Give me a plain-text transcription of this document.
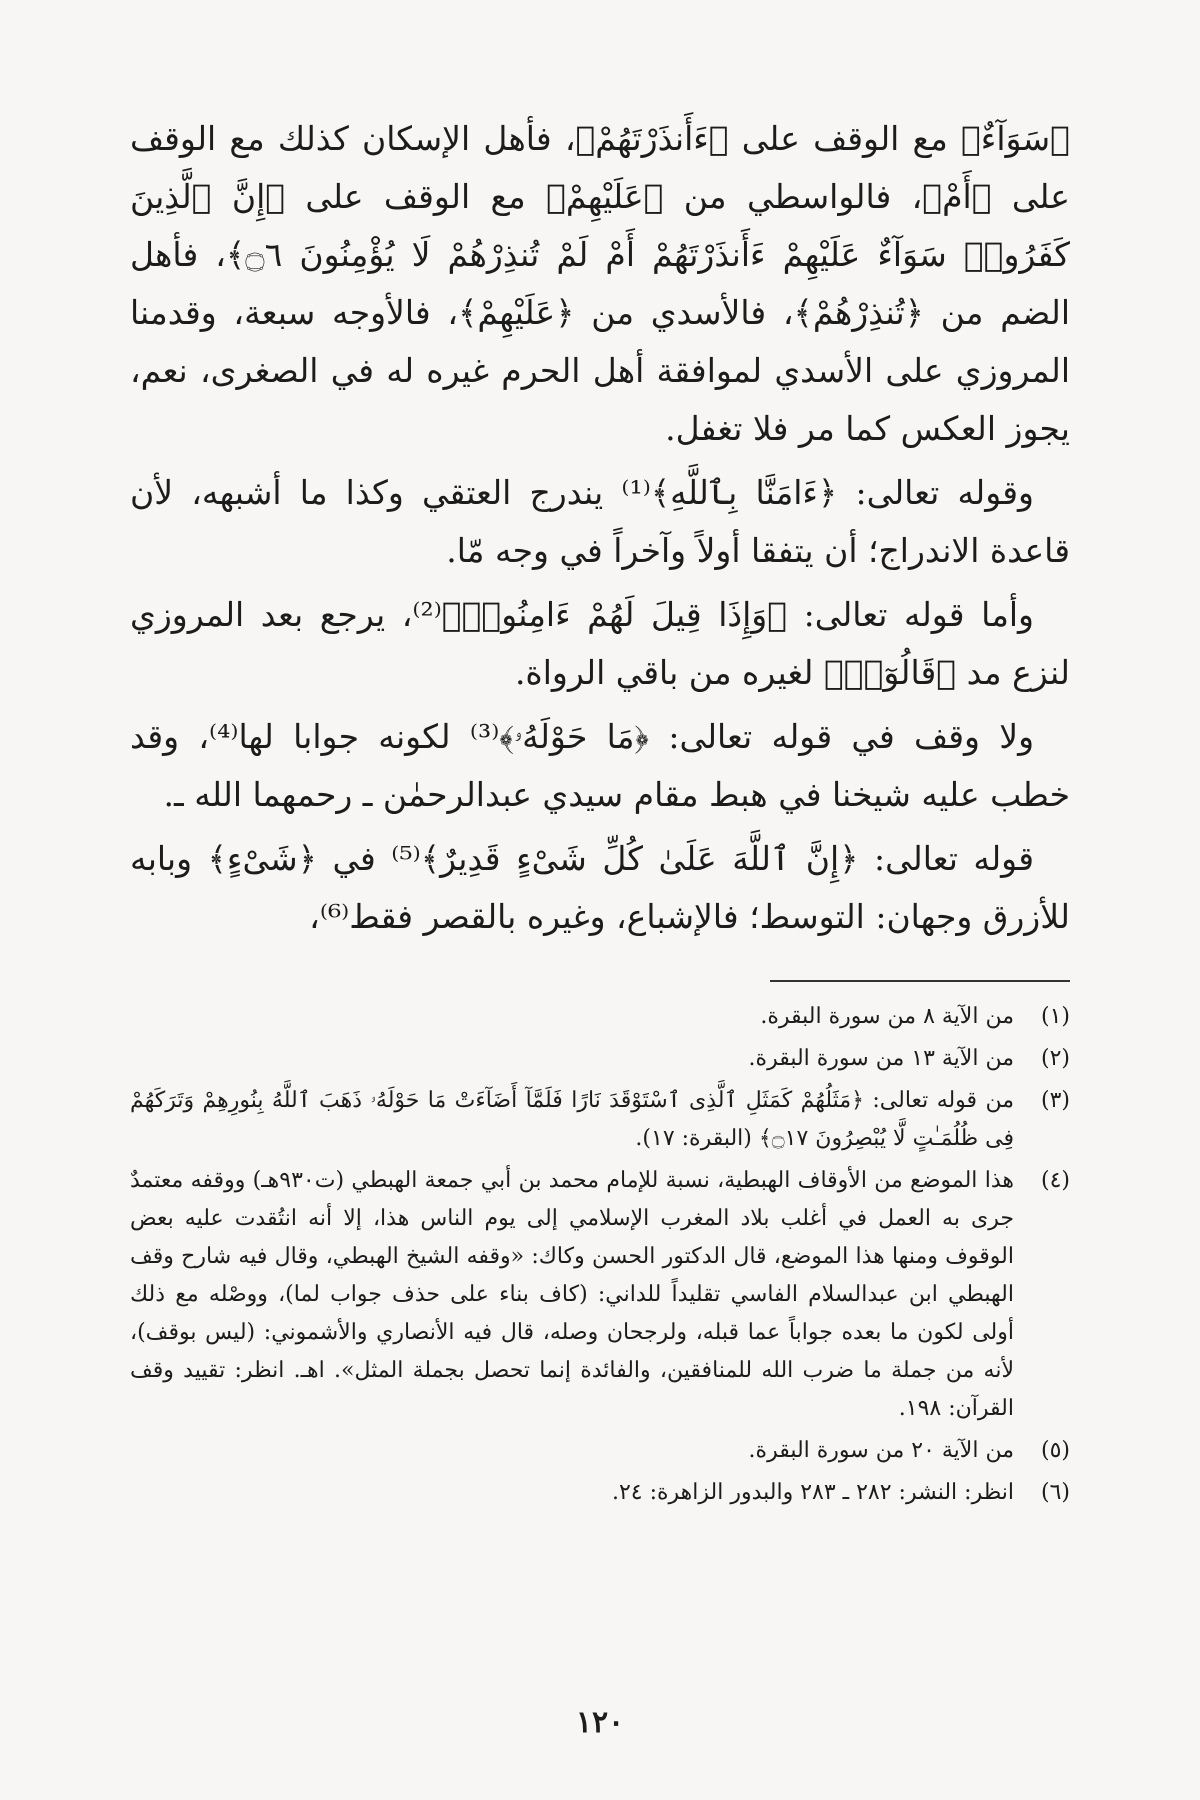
﴿سَوَآءٌ﴾ مع الوقف على ﴿ءَأَنذَرْتَهُمْ﴾، فأهل الإسكان كذلك مع الوقف على ﴿أَمْ﴾، فالواسطي من ﴿عَلَيْهِمْ﴾ مع الوقف على ﴿إِنَّ ٱلَّذِينَ كَفَرُوا۟ سَوَآءٌ عَلَيْهِمْ ءَأَنذَرْتَهُمْ أَمْ لَمْ تُنذِرْهُمْ لَا يُؤْمِنُونَ ۝٦﴾، فأهل الضم من ﴿تُنذِرْهُمْ﴾، فالأسدي من ﴿عَلَيْهِمْ﴾، فالأوجه سبعة، وقدمنا المروزي على الأسدي لموافقة أهل الحرم غيره له في الصغرى، نعم، يجوز العكس كما مر فلا تغفل.

وقوله تعالى: ﴿ءَامَنَّا بِٱللَّهِ﴾⁽¹⁾ يندرج العتقي وكذا ما أشبهه، لأن قاعدة الاندراج؛ أن يتفقا أولاً وآخراً في وجه مّا.

وأما قوله تعالى: ﴿وَإِذَا قِيلَ لَهُمْ ءَامِنُوا۟﴾⁽²⁾، يرجع بعد المروزي لنزع مد ﴿قَالُوٓا۟﴾ لغيره من باقي الرواة.

ولا وقف في قوله تعالى: ﴿مَا حَوْلَهُۥ﴾⁽³⁾ لكونه جوابا لها⁽⁴⁾، وقد خطب عليه شيخنا في هبط مقام سيدي عبدالرحمٰن ـ رحمهما الله ـ.

قوله تعالى: ﴿إِنَّ ٱللَّهَ عَلَىٰ كُلِّ شَىْءٍ قَدِيرٌ﴾⁽⁵⁾ في ﴿شَىْءٍ﴾ وبابه للأزرق وجهان: التوسط؛ فالإشباع، وغيره بالقصر فقط⁽⁶⁾،

(١)
من الآية ٨ من سورة البقرة.
(٢)
من الآية ١٣ من سورة البقرة.
(٣)
من قوله تعالى: ﴿مَثَلُهُمْ كَمَثَلِ ٱلَّذِى ٱسْتَوْقَدَ نَارًا فَلَمَّآ أَضَآءَتْ مَا حَوْلَهُۥ ذَهَبَ ٱللَّهُ بِنُورِهِمْ وَتَرَكَهُمْ فِى ظُلُمَـٰتٍ لَّا يُبْصِرُونَ ۝١٧﴾ (البقرة: ١٧).
(٤)
هذا الموضع من الأوقاف الهبطية، نسبة للإمام محمد بن أبي جمعة الهبطي (ت٩٣٠هـ) ووقفه معتمدٌ جرى به العمل في أغلب بلاد المغرب الإسلامي إلى يوم الناس هذا، إلا أنه انتُقدت عليه بعض الوقوف ومنها هذا الموضع، قال الدكتور الحسن وكاك: «وقفه الشيخ الهبطي، وقال فيه شارح وقف الهبطي ابن عبدالسلام الفاسي تقليداً للداني: (كاف بناء على حذف جواب لما)، ووصْله مع ذلك أولى لكون ما بعده جواباً عما قبله، ولرجحان وصله، قال فيه الأنصاري والأشموني: (ليس بوقف)، لأنه من جملة ما ضرب الله للمنافقين، والفائدة إنما تحصل بجملة المثل». اهـ. انظر: تقييد وقف القرآن: ١٩٨.
(٥)
من الآية ٢٠ من سورة البقرة.
(٦)
انظر: النشر: ٢٨٢ ـ ٢٨٣ والبدور الزاهرة: ٢٤.
١٢٠
